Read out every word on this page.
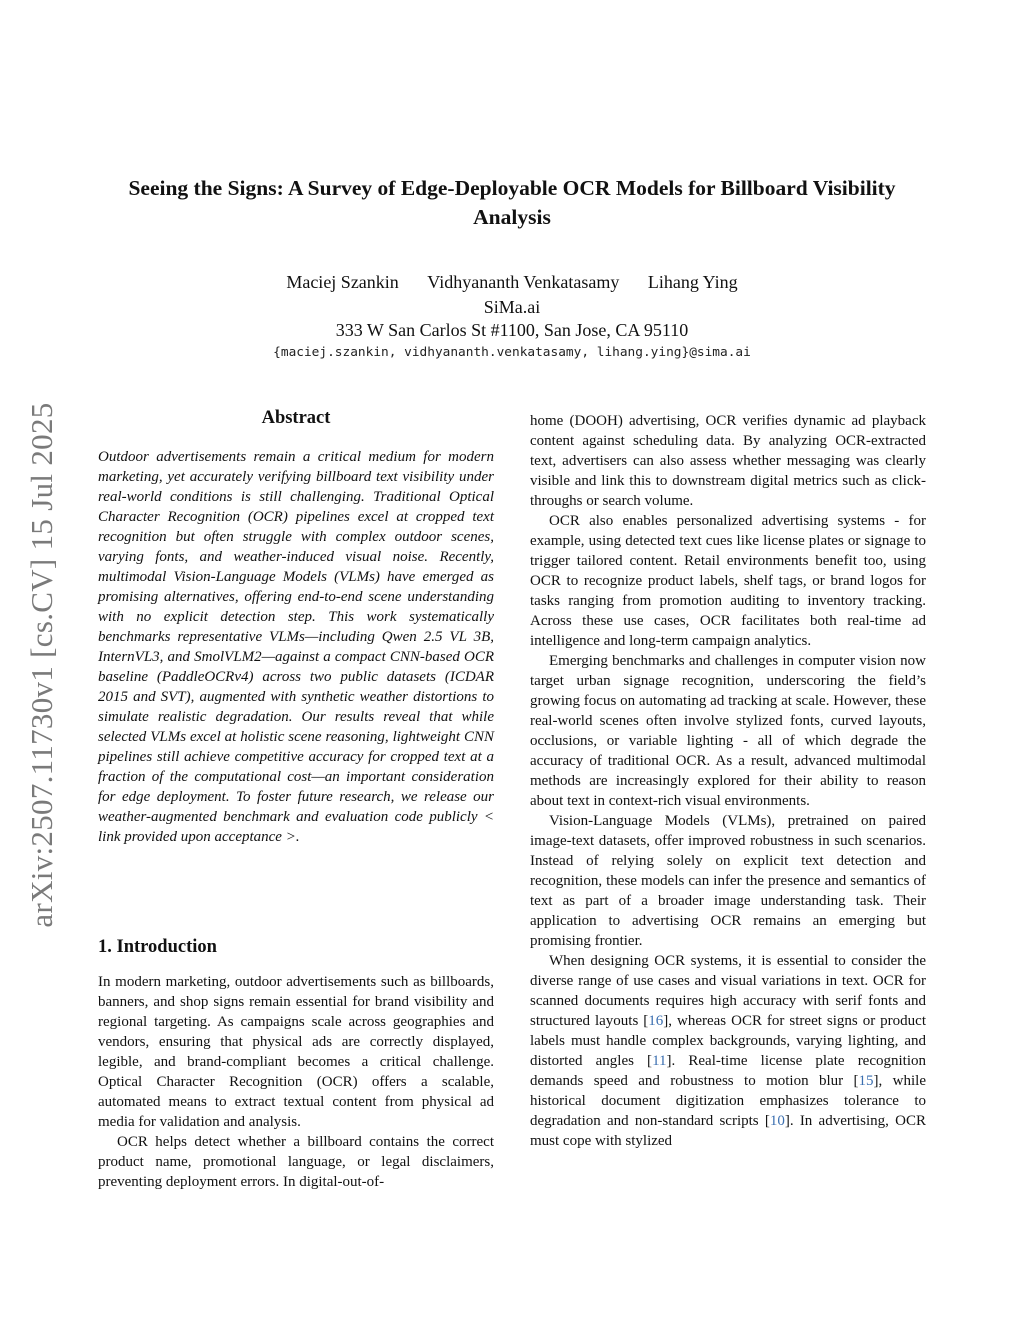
arXiv:2507.11730v1 [cs.CV] 15 Jul 2025
Seeing the Signs: A Survey of Edge-Deployable OCR Models for Billboard Visibility Analysis
Maciej Szankin Vidhyananth Venkatasamy Lihang Ying
SiMa.ai
333 W San Carlos St #1100, San Jose, CA 95110
{maciej.szankin, vidhyananth.venkatasamy, lihang.ying}@sima.ai
Abstract

Outdoor advertisements remain a critical medium for modern marketing, yet accurately verifying billboard text visibility under real-world conditions is still challenging. Traditional Optical Character Recognition (OCR) pipelines excel at cropped text recognition but often struggle with complex outdoor scenes, varying fonts, and weather-induced visual noise. Recently, multimodal Vision-Language Models (VLMs) have emerged as promising alternatives, offering end-to-end scene understanding with no explicit detection step. This work systematically benchmarks representative VLMs—including Qwen 2.5 VL 3B, InternVL3, and SmolVLM2—against a compact CNN-based OCR baseline (PaddleOCRv4) across two public datasets (ICDAR 2015 and SVT), augmented with synthetic weather distortions to simulate realistic degradation. Our results reveal that while selected VLMs excel at holistic scene reasoning, lightweight CNN pipelines still achieve competitive accuracy for cropped text at a fraction of the computational cost—an important consideration for edge deployment. To foster future research, we release our weather-augmented benchmark and evaluation code publicly < link provided upon acceptance >.

1. Introduction

In modern marketing, outdoor advertisements such as billboards, banners, and shop signs remain essential for brand visibility and regional targeting. As campaigns scale across geographies and vendors, ensuring that physical ads are correctly displayed, legible, and brand-compliant becomes a critical challenge. Optical Character Recognition (OCR) offers a scalable, automated means to extract textual content from physical ad media for validation and analysis.

OCR helps detect whether a billboard contains the correct product name, promotional language, or legal disclaimers, preventing deployment errors. In digital-out-of-

home (DOOH) advertising, OCR verifies dynamic ad playback content against scheduling data. By analyzing OCR-extracted text, advertisers can also assess whether messaging was clearly visible and link this to downstream digital metrics such as click-throughs or search volume.

OCR also enables personalized advertising systems - for example, using detected text cues like license plates or signage to trigger tailored content. Retail environments benefit too, using OCR to recognize product labels, shelf tags, or brand logos for tasks ranging from promotion auditing to inventory tracking. Across these use cases, OCR facilitates both real-time ad intelligence and long-term campaign analytics.

Emerging benchmarks and challenges in computer vision now target urban signage recognition, underscoring the field’s growing focus on automating ad tracking at scale. However, these real-world scenes often involve stylized fonts, curved layouts, occlusions, or variable lighting - all of which degrade the accuracy of traditional OCR. As a result, advanced multimodal methods are increasingly explored for their ability to reason about text in context-rich visual environments.

Vision-Language Models (VLMs), pretrained on paired image-text datasets, offer improved robustness in such scenarios. Instead of relying solely on explicit text detection and recognition, these models can infer the presence and semantics of text as part of a broader image understanding task. Their application to advertising OCR remains an emerging but promising frontier.

When designing OCR systems, it is essential to consider the diverse range of use cases and visual variations in text. OCR for scanned documents requires high accuracy with serif fonts and structured layouts [16], whereas OCR for street signs or product labels must handle complex backgrounds, varying lighting, and distorted angles [11]. Real-time license plate recognition demands speed and robustness to motion blur [15], while historical document digitization emphasizes tolerance to degradation and non-standard scripts [10]. In advertising, OCR must cope with stylized
